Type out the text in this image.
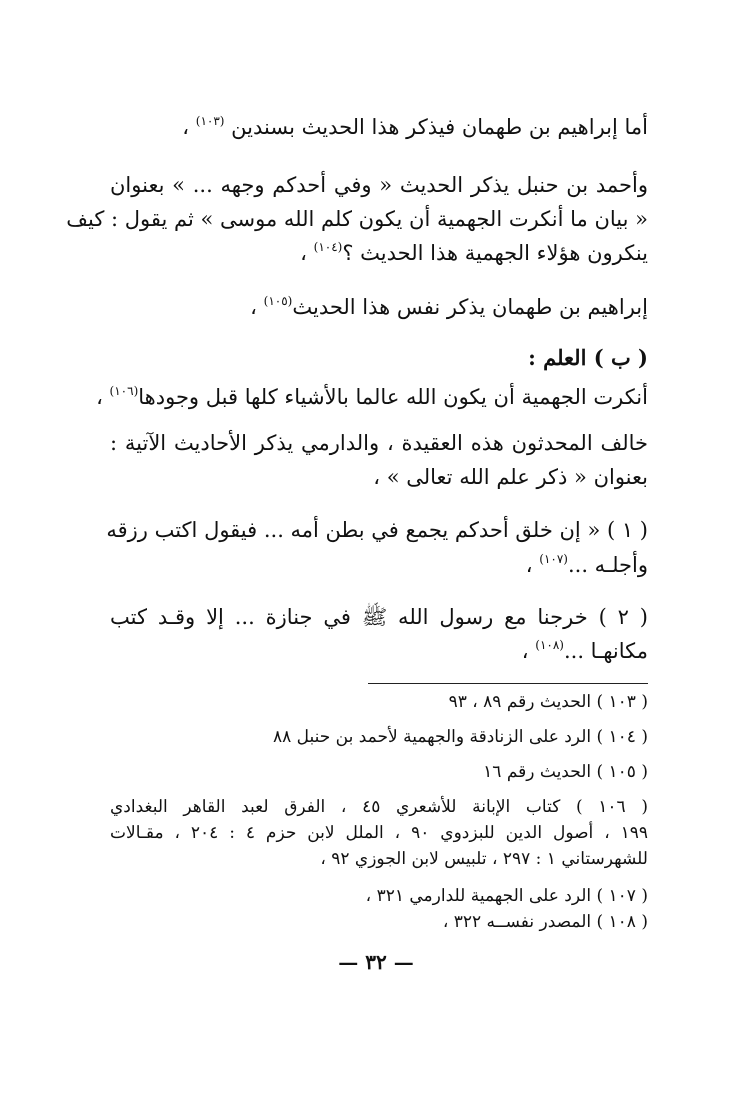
أما إبراهيم بن طهمان فيذكر هذا الحديث بسندين $^{(١٠٣)}$ ،
وأحمد بن حنبل يذكر الحديث « وفي أحدكم وجهه ... » بعنوان
« بيان ما أنكرت الجهمية أن يكون كلم الله موسى » ثم يقول : كيف
ينكرون هؤلاء الجهمية هذا الحديث ؟$^{(١٠٤)}$ ،
إبراهيم بن طهمان يذكر نفس هذا الحديث$^{(١٠٥)}$ ،
( ب ) العلم :
أنكرت الجهمية أن يكون الله عالما بالأشياء كلها قبل وجودها$^{(١٠٦)}$ ،
خالف المحدثون هذه العقيدة ، والدارمي يذكر الأحاديث الآتية :
بعنوان « ذكر علم الله تعالى » ،
( ١ ) « إن خلق أحدكم يجمع في بطن أمه ... فيقول اكتب رزقه
وأجلـه ...$^{(١٠٧)}$ ،
( ٢ ) خرجنا مع رسول الله ﷺ في جنازة ... إلا وقـد كتب
مكانهـا ...$^{(١٠٨)}$ ،
( ١٠٣ ) الحديث رقم ٨٩ ، ٩٣
( ١٠٤ ) الرد على الزنادقة والجهمية لأحمد بن حنبل ٨٨
( ١٠٥ ) الحديث رقم ١٦
( ١٠٦ ) كتاب الإبانة للأشعري ٤٥ ، الفرق لعبد القاهر البغدادي
١٩٩ ، أصول الدين للبزدوي ٩٠ ، الملل لابن حزم ٤ : ٢٠٤ ، مقـالات
للشهرستاني ١ : ٢٩٧ ، تلبيس لابن الجوزي ٩٢ ،
( ١٠٧ ) الرد على الجهمية للدارمي ٣٢١ ،
( ١٠٨ ) المصدر نفســه ٣٢٢ ،
— ٣٢ —
